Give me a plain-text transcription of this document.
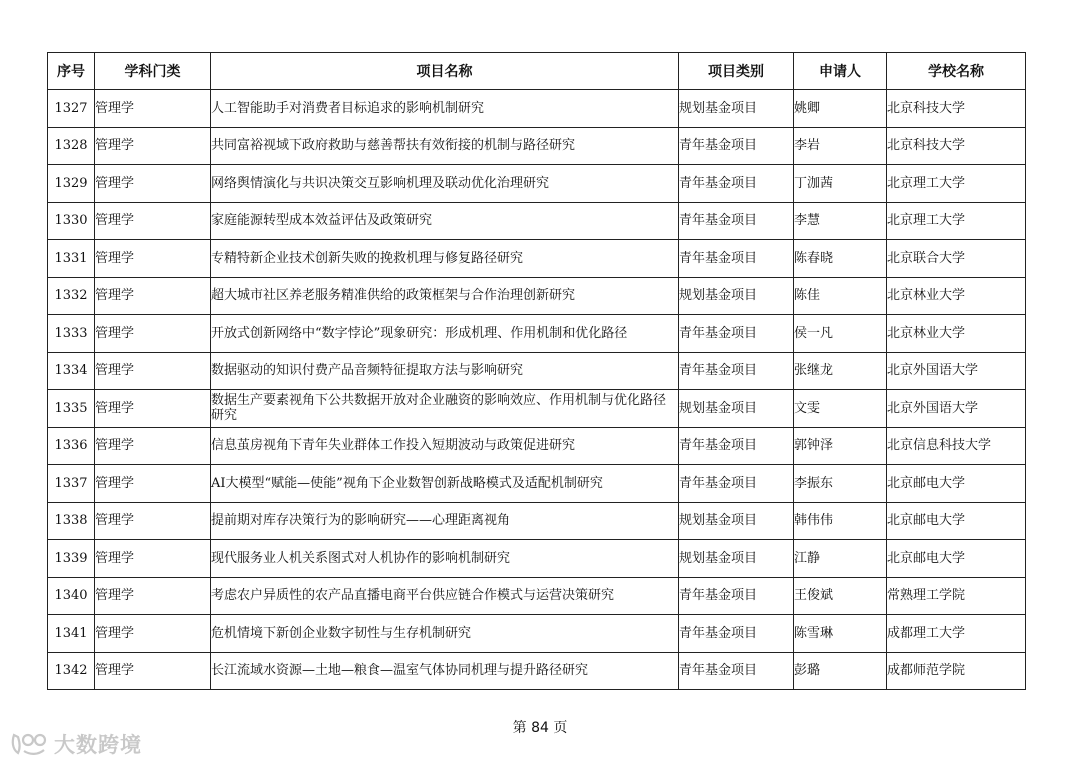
序号	学科门类	项目名称	项目类别	申请人	学校名称
1327	管理学	人工智能助手对消费者目标追求的影响机制研究	规划基金项目	姚卿	北京科技大学
1328	管理学	共同富裕视域下政府救助与慈善帮扶有效衔接的机制与路径研究	青年基金项目	李岩	北京科技大学
1329	管理学	网络舆情演化与共识决策交互影响机理及联动优化治理研究	青年基金项目	丁泇茜	北京理工大学
1330	管理学	家庭能源转型成本效益评估及政策研究	青年基金项目	李慧	北京理工大学
1331	管理学	专精特新企业技术创新失败的挽救机理与修复路径研究	青年基金项目	陈春晓	北京联合大学
1332	管理学	超大城市社区养老服务精准供给的政策框架与合作治理创新研究	规划基金项目	陈佳	北京林业大学
1333	管理学	开放式创新网络中“数字悖论”现象研究：形成机理、作用机制和优化路径	青年基金项目	侯一凡	北京林业大学
1334	管理学	数据驱动的知识付费产品音频特征提取方法与影响研究	青年基金项目	张继龙	北京外国语大学
1335	管理学	数据生产要素视角下公共数据开放对企业融资的影响效应、作用机制与优化路径研究	规划基金项目	文雯	北京外国语大学
1336	管理学	信息茧房视角下青年失业群体工作投入短期波动与政策促进研究	青年基金项目	郭钟泽	北京信息科技大学
1337	管理学	AI大模型“赋能—使能”视角下企业数智创新战略模式及适配机制研究	青年基金项目	李振东	北京邮电大学
1338	管理学	提前期对库存决策行为的影响研究——心理距离视角	规划基金项目	韩伟伟	北京邮电大学
1339	管理学	现代服务业人机关系图式对人机协作的影响机制研究	规划基金项目	江静	北京邮电大学
1340	管理学	考虑农户异质性的农产品直播电商平台供应链合作模式与运营决策研究	青年基金项目	王俊斌	常熟理工学院
1341	管理学	危机情境下新创企业数字韧性与生存机制研究	青年基金项目	陈雪琳	成都理工大学
1342	管理学	长江流域水资源—土地—粮食—温室气体协同机理与提升路径研究	青年基金项目	彭璐	成都师范学院
第 84 页
大数跨境
